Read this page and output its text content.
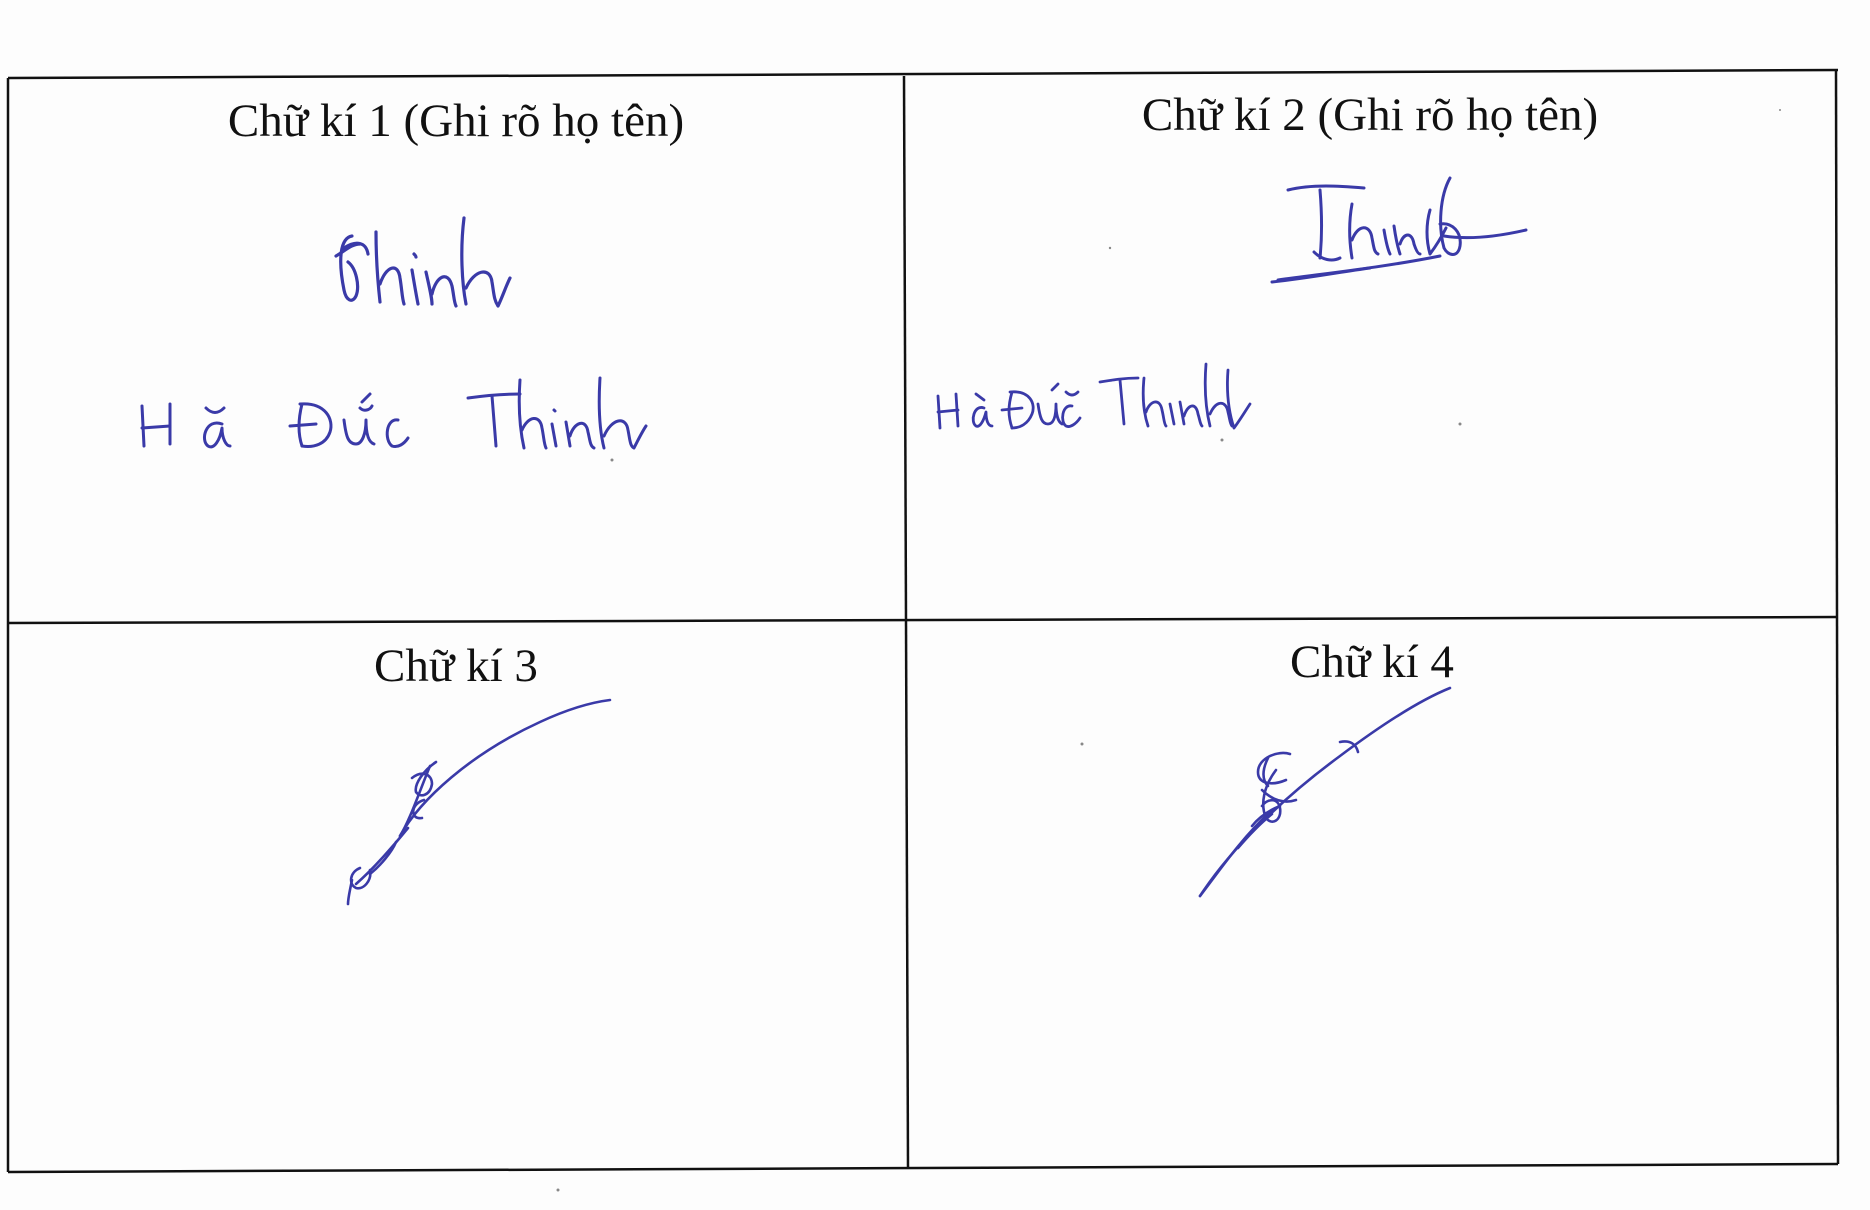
Chữ kí 1 (Ghi rõ họ tên)	Chữ kí 2 (Ghi rõ họ tên)
Chữ kí 3	Chữ kí 4
